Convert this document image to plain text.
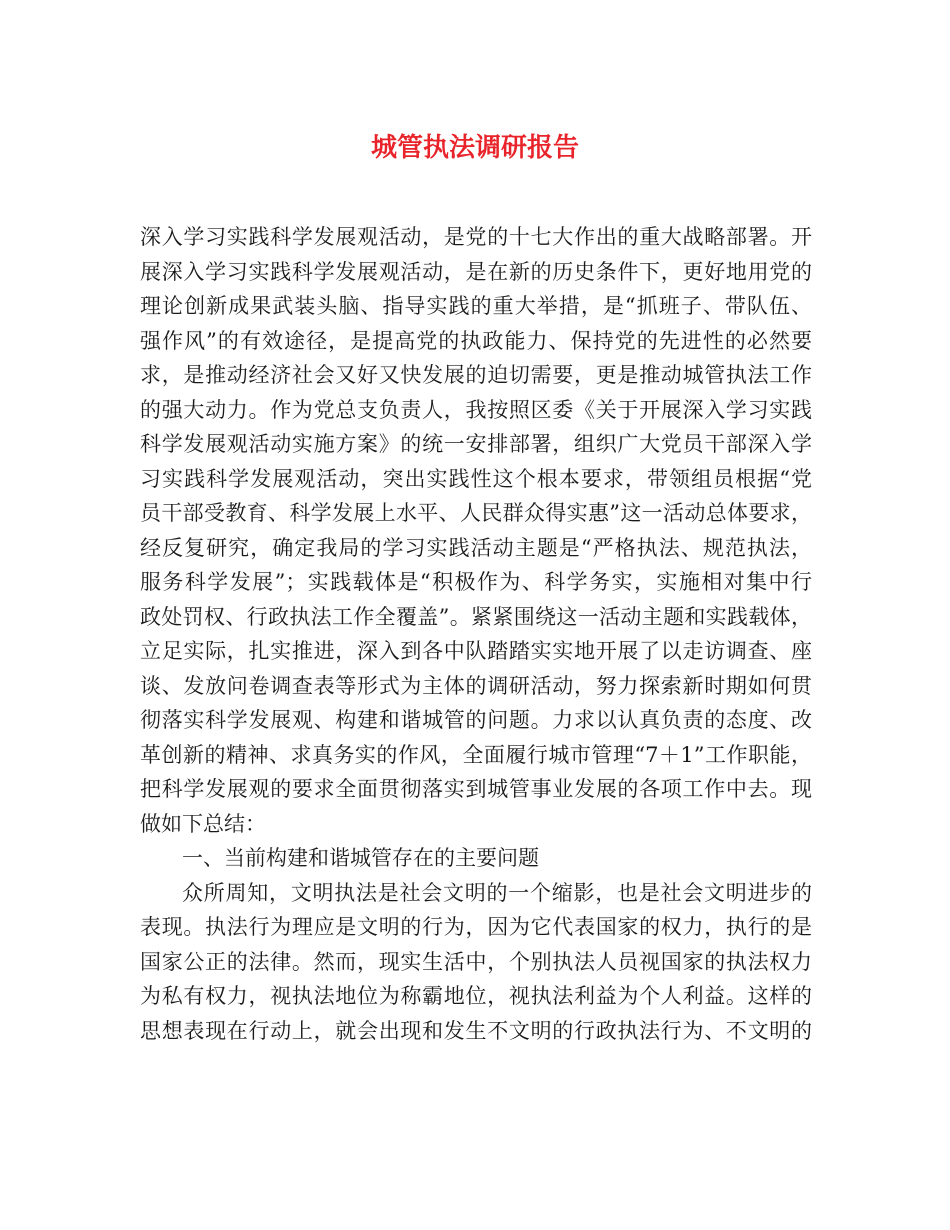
城管执法调研报告

深入学习实践科学发展观活动，是党的十七大作出的重大战略部署。开

展深入学习实践科学发展观活动，是在新的历史条件下，更好地用党的

理论创新成果武装头脑、指导实践的重大举措，是“抓班子、带队伍、

强作风”的有效途径，是提高党的执政能力、保持党的先进性的必然要

求，是推动经济社会又好又快发展的迫切需要，更是推动城管执法工作

的强大动力。作为党总支负责人，我按照区委《关于开展深入学习实践

科学发展观活动实施方案》的统一安排部署，组织广大党员干部深入学

习实践科学发展观活动，突出实践性这个根本要求，带领组员根据“党

员干部受教育、科学发展上水平、人民群众得实惠”这一活动总体要求，

经反复研究，确定我局的学习实践活动主题是“严格执法、规范执法，

服务科学发展”；实践载体是“积极作为、科学务实，实施相对集中行

政处罚权、行政执法工作全覆盖”。紧紧围绕这一活动主题和实践载体，

立足实际，扎实推进，深入到各中队踏踏实实地开展了以走访调查、座

谈、发放问卷调查表等形式为主体的调研活动，努力探索新时期如何贯

彻落实科学发展观、构建和谐城管的问题。力求以认真负责的态度、改

革创新的精神、求真务实的作风，全面履行城市管理“7＋1”工作职能，

把科学发展观的要求全面贯彻落实到城管事业发展的各项工作中去。现

做如下总结：

一、当前构建和谐城管存在的主要问题

众所周知，文明执法是社会文明的一个缩影，也是社会文明进步的

表现。执法行为理应是文明的行为，因为它代表国家的权力，执行的是

国家公正的法律。然而，现实生活中，个别执法人员视国家的执法权力

为私有权力，视执法地位为称霸地位，视执法利益为个人利益。这样的

思想表现在行动上，就会出现和发生不文明的行政执法行为、不文明的
